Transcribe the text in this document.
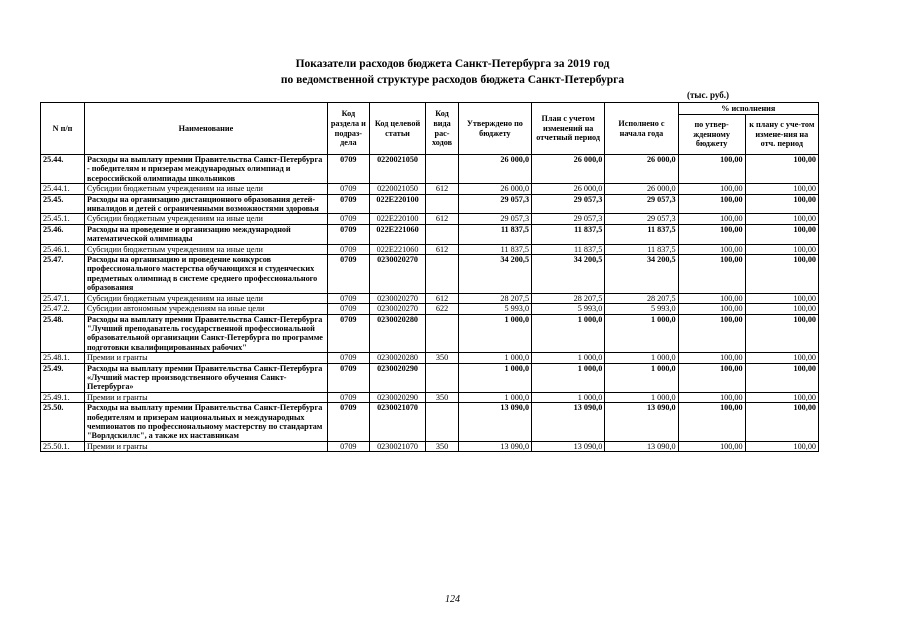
Показатели расходов бюджета Санкт-Петербурга за 2019 год
по ведомственной структуре расходов бюджета Санкт-Петербурга
(тыс. руб.)
N п/п	Наименование	Код раздела и подраз-дела	Код целевой статьи	Код вида рас-ходов	Утверждено по бюджету	План с учетом изменений на отчетный период	Исполнено с начала года	% исполнения	
								по утвер-жденному бюджету	к плану с уче-том измене-ния на отч. период
25.44.	Расходы на выплату премии Правительства Санкт-Петербурга - победителям и призерам международных олимпиад и всероссийской олимпиады школьников	0709	0220021050		26 000,0	26 000,0	26 000,0	100,00	100,00
25.44.1.	Субсидии бюджетным учреждениям на иные цели	0709	0220021050	612	26 000,0	26 000,0	26 000,0	100,00	100,00
25.45.	Расходы на организацию дистанционного образования детей-инвалидов и детей с ограниченными возможностями здоровья	0709	022E220100		29 057,3	29 057,3	29 057,3	100,00	100,00
25.45.1.	Субсидии бюджетным учреждениям на иные цели	0709	022E220100	612	29 057,3	29 057,3	29 057,3	100,00	100,00
25.46.	Расходы на проведение и организацию международной математической олимпиады	0709	022E221060		11 837,5	11 837,5	11 837,5	100,00	100,00
25.46.1.	Субсидии бюджетным учреждениям на иные цели	0709	022E221060	612	11 837,5	11 837,5	11 837,5	100,00	100,00
25.47.	Расходы на организацию и проведение конкурсов профессионального мастерства обучающихся и студенческих предметных олимпиад в системе среднего профессионального образования	0709	0230020270		34 200,5	34 200,5	34 200,5	100,00	100,00
25.47.1.	Субсидии бюджетным учреждениям на иные цели	0709	0230020270	612	28 207,5	28 207,5	28 207,5	100,00	100,00
25.47.2.	Субсидии автономным учреждениям на иные цели	0709	0230020270	622	5 993,0	5 993,0	5 993,0	100,00	100,00
25.48.	Расходы на выплату премии Правительства Санкт-Петербурга "Лучший преподаватель государственной профессиональной образовательной организации Санкт-Петербурга по программе подготовки квалифицированных рабочих"	0709	0230020280		1 000,0	1 000,0	1 000,0	100,00	100,00
25.48.1.	Премии и гранты	0709	0230020280	350	1 000,0	1 000,0	1 000,0	100,00	100,00
25.49.	Расходы на выплату премии Правительства Санкт-Петербурга «Лучший мастер производственного обучения Санкт-Петербурга»	0709	0230020290		1 000,0	1 000,0	1 000,0	100,00	100,00
25.49.1.	Премии и гранты	0709	0230020290	350	1 000,0	1 000,0	1 000,0	100,00	100,00
25.50.	Расходы на выплату премии Правительства Санкт-Петербурга победителям и призерам национальных и международных чемпионатов по профессиональному мастерству по стандартам "Ворлдскиллс", а также их наставникам	0709	0230021070		13 090,0	13 090,0	13 090,0	100,00	100,00
25.50.1.	Премии и гранты	0709	0230021070	350	13 090,0	13 090,0	13 090,0	100,00	100,00
124
